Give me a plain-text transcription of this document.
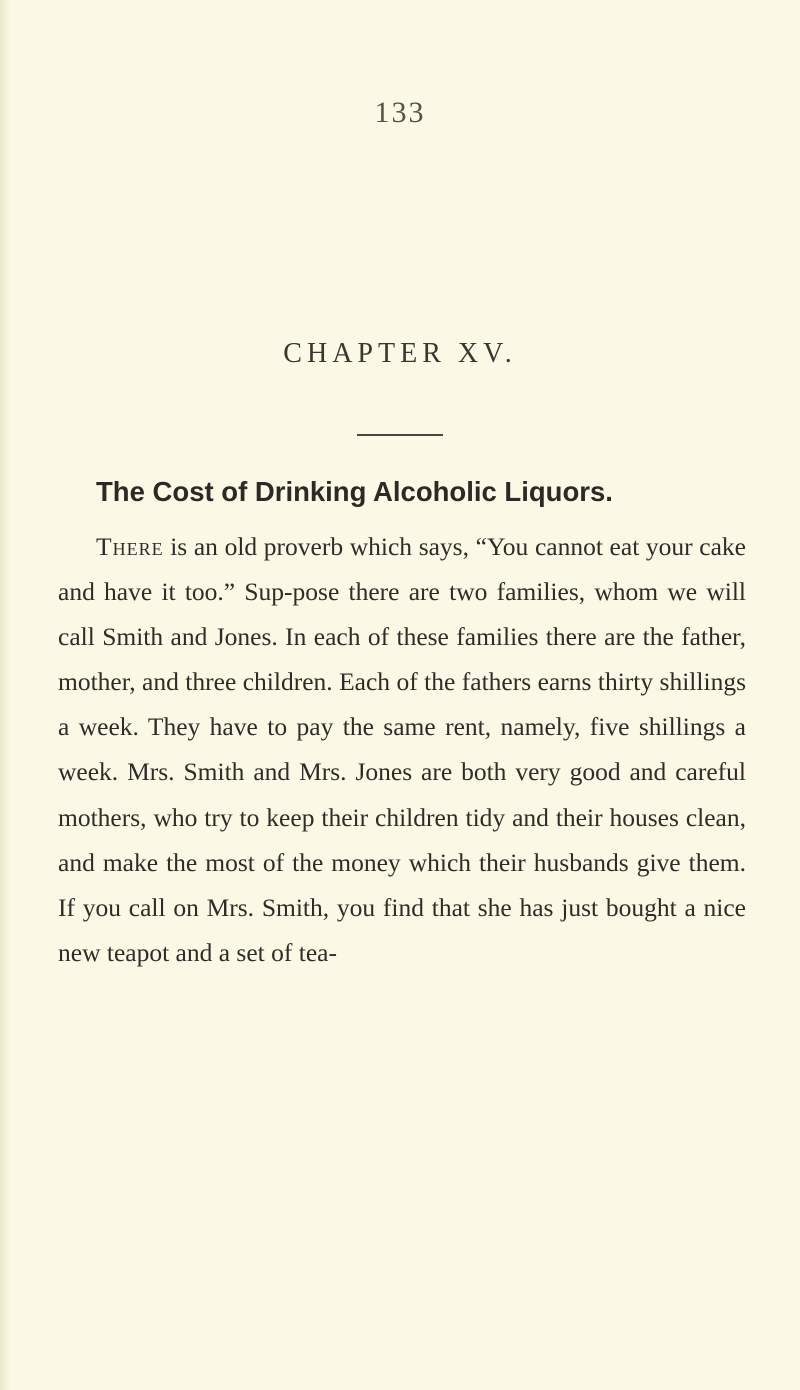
133
CHAPTER XV.
The Cost of Drinking Alcoholic Liquors.

There is an old proverb which says, “You cannot eat your cake and have it too.” Sup-pose there are two families, whom we will call Smith and Jones. In each of these families there are the father, mother, and three children. Each of the fathers earns thirty shillings a week. They have to pay the same rent, namely, five shillings a week. Mrs. Smith and Mrs. Jones are both very good and careful mothers, who try to keep their children tidy and their houses clean, and make the most of the money which their husbands give them. If you call on Mrs. Smith, you find that she has just bought a nice new teapot and a set of tea-
